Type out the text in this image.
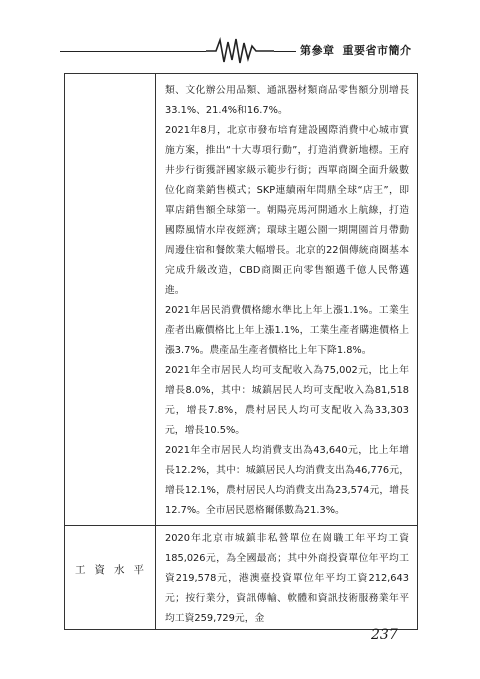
第參章 重要省市簡介

	類、文化辦公用品類、通訊器材類商品零售額分別增長33.1%、21.4%和16.7%。
2021年8月，北京市發布培育建設國際消費中心城市實施方案，推出“十大專項行動”，打造消費新地標。王府井步行街獲評國家級示範步行街；西單商圈全面升級數位化商業銷售模式；SKP連續兩年問鼎全球“店王”，即單店銷售額全球第一。朝陽亮馬河開通水上航線，打造國際風情水岸夜經濟；環球主題公園一期開園首月帶動周邊住宿和餐飲業大幅增長。北京的22個傳統商圈基本完成升級改造，CBD商圈正向零售額邁千億人民幣邁進。
2021年居民消費價格總水準比上年上漲1.1%。工業生產者出廠價格比上年上漲1.1%，工業生產者購進價格上漲3.7%。農產品生產者價格比上年下降1.8%。
2021年全市居民人均可支配收入為75,002元，比上年增長8.0%，其中：城鎮居民人均可支配收入為81,518元，增長7.8%，農村居民人均可支配收入為33,303元，增長10.5%。
2021年全市居民人均消費支出為43,640元，比上年增長12.2%，其中：城鎮居民人均消費支出為46,776元，增長12.1%，農村居民人均消費支出為23,574元，增長12.7%。全市居民恩格爾係數為21.3%。

工資水平	2020年北京市城鎮非私營單位在崗職工年平均工資185,026元，為全國最高；其中外商投資單位年平均工資219,578元，港澳臺投資單位年平均工資212,643元；按行業分，資訊傳輸、軟體和資訊技術服務業年平均工資259,729元，金
237
